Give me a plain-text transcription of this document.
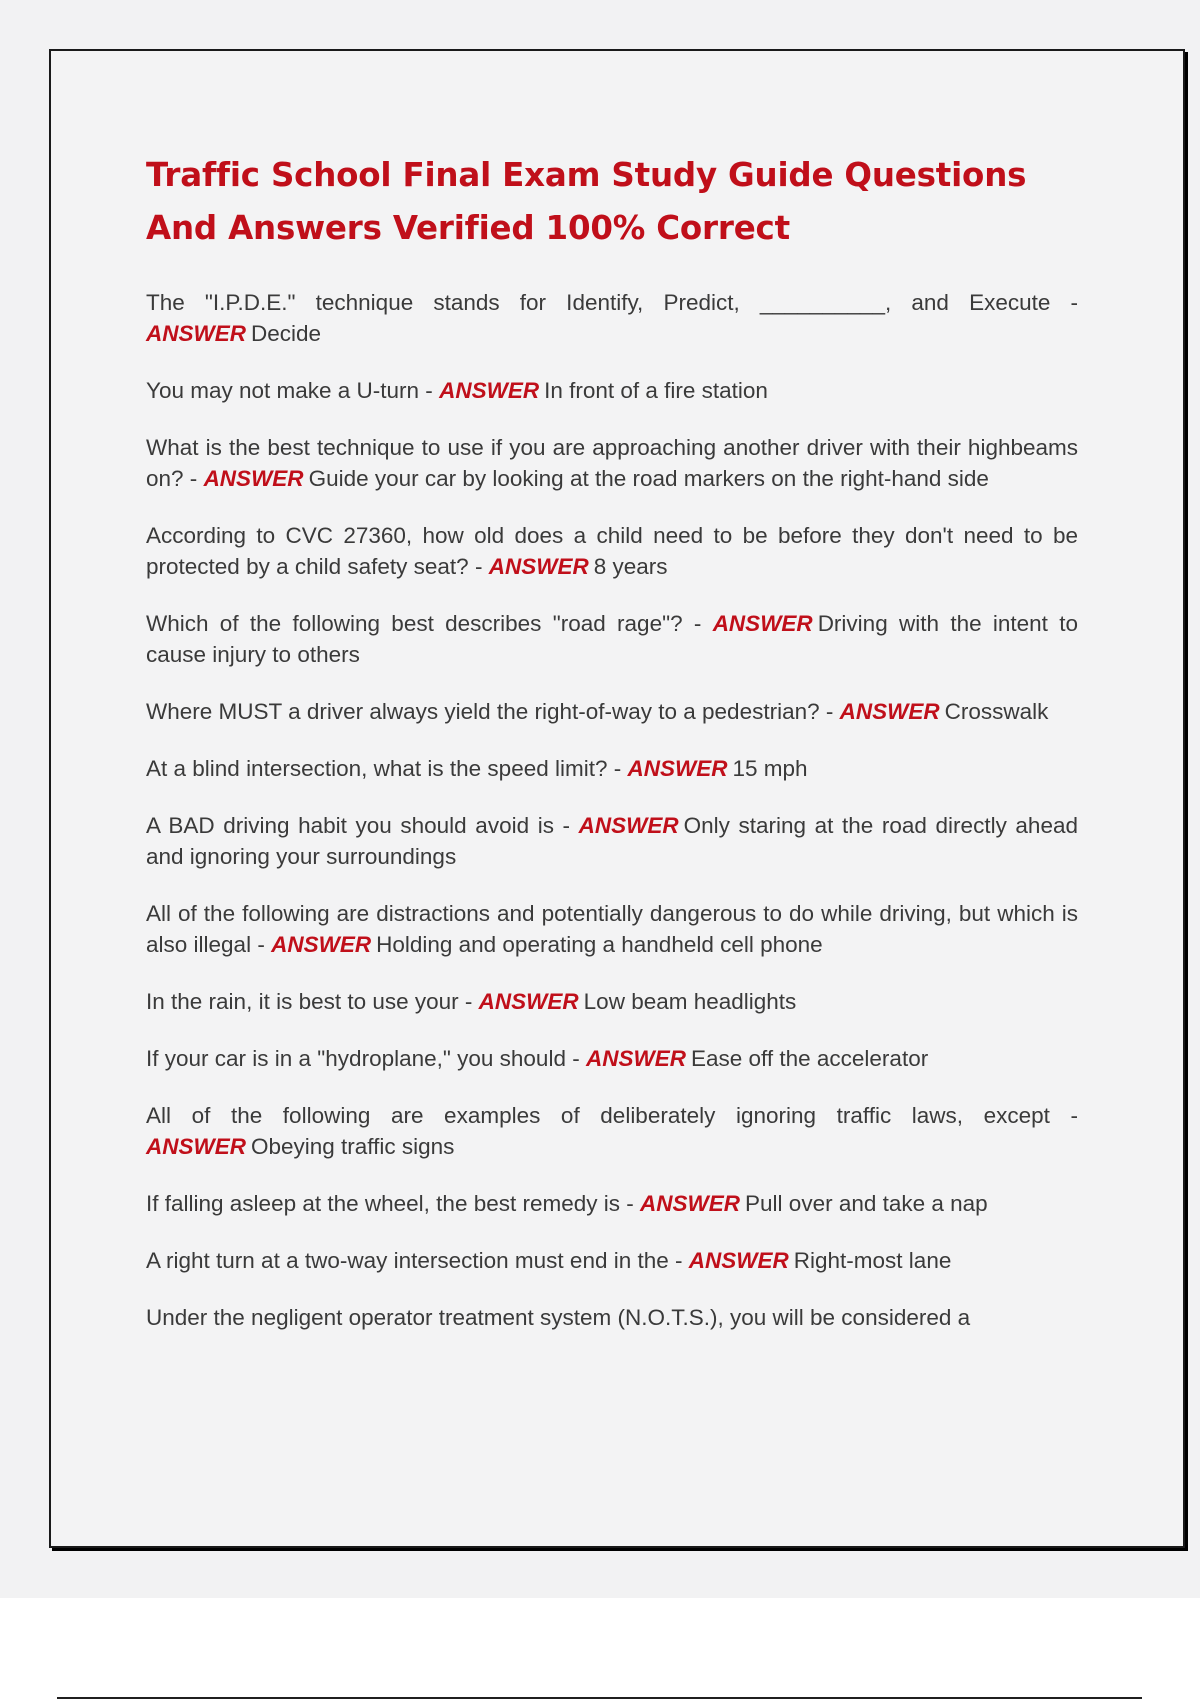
Traffic School Final Exam Study Guide Questions And Answers Verified 100% Correct

The "I.P.D.E." technique stands for Identify, Predict, __________, and Execute - ANSWER Decide

You may not make a U-turn - ANSWER In front of a fire station

What is the best technique to use if you are approaching another driver with their highbeams on? - ANSWER Guide your car by looking at the road markers on the right-hand side

According to CVC 27360, how old does a child need to be before they don't need to be protected by a child safety seat? - ANSWER 8 years

Which of the following best describes "road rage"? - ANSWER Driving with the intent to cause injury to others

Where MUST a driver always yield the right-of-way to a pedestrian? - ANSWER Crosswalk

At a blind intersection, what is the speed limit? - ANSWER 15 mph

A BAD driving habit you should avoid is - ANSWER Only staring at the road directly ahead and ignoring your surroundings

All of the following are distractions and potentially dangerous to do while driving, but which is also illegal - ANSWER Holding and operating a handheld cell phone

In the rain, it is best to use your - ANSWER Low beam headlights

If your car is in a "hydroplane," you should - ANSWER Ease off the accelerator

All of the following are examples of deliberately ignoring traffic laws, except - ANSWER Obeying traffic signs

If falling asleep at the wheel, the best remedy is - ANSWER Pull over and take a nap

A right turn at a two-way intersection must end in the - ANSWER Right-most lane

Under the negligent operator treatment system (N.O.T.S.), you will be considered a
